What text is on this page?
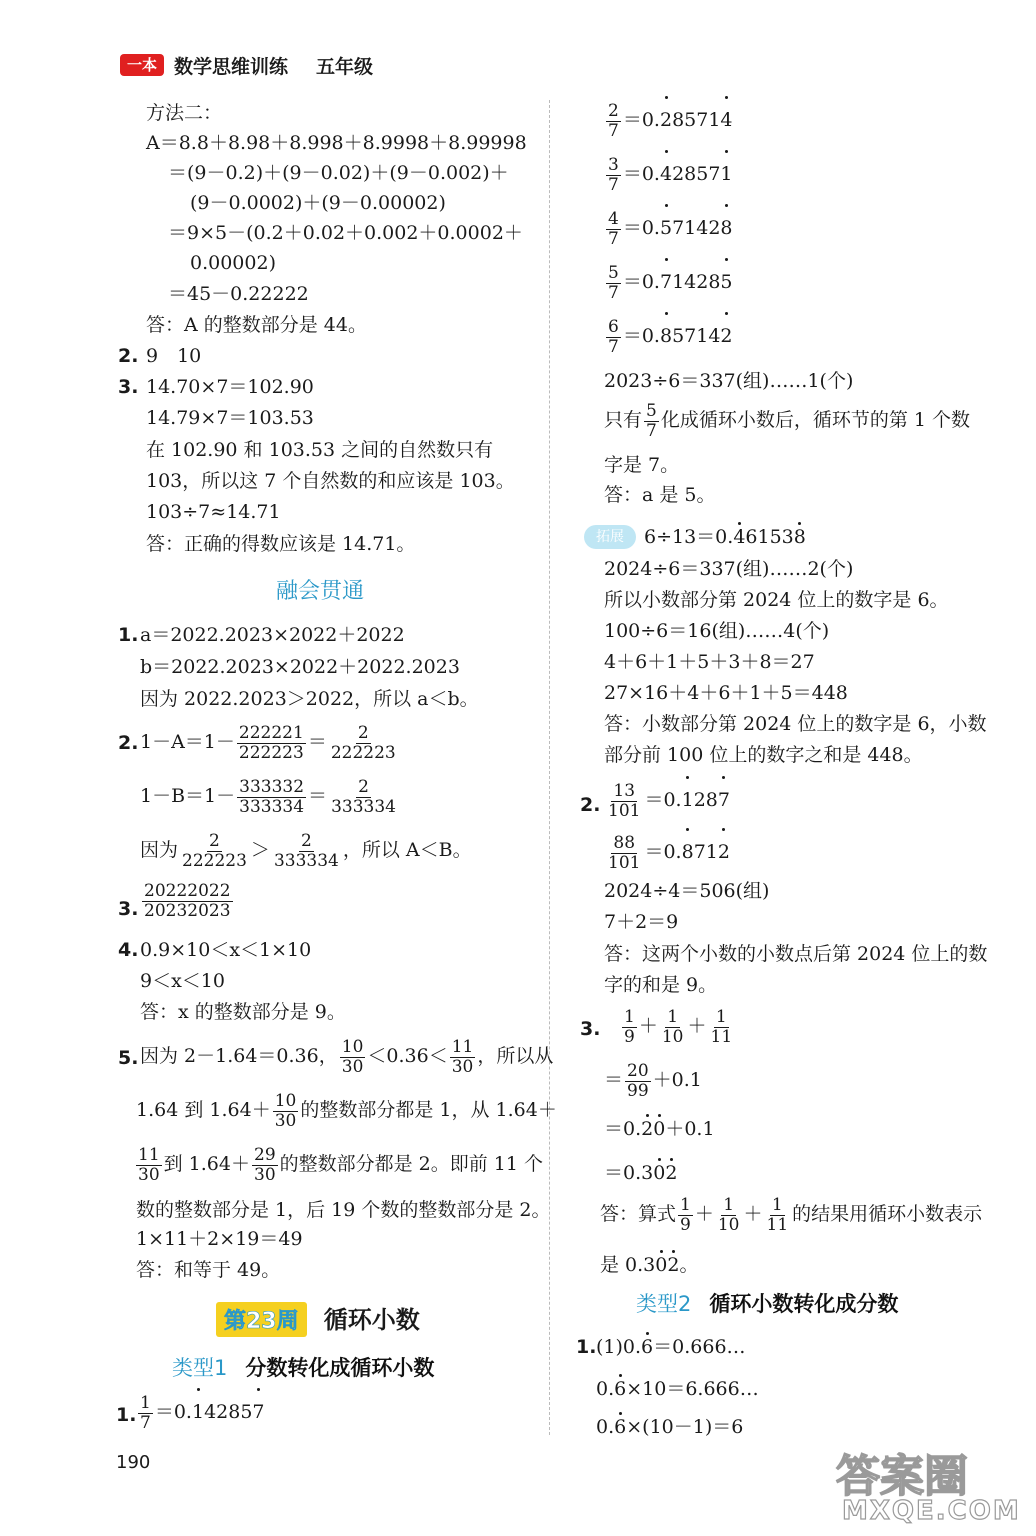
一本 数学思维训练 五年级
方法二：
A＝8.8＋8.98＋8.998＋8.9998＋8.99998
＝(9－0.2)＋(9－0.02)＋(9－0.002)＋
(9－0.0002)＋(9－0.00002)
＝9×5－(0.2＋0.02＋0.002＋0.0002＋
0.00002)
＝45－0.22222
答：A 的整数部分是 44。
2. 9　10
3. 14.70×7＝102.90
14.79×7＝103.53
在 102.90 和 103.53 之间的自然数只有
103，所以这 7 个自然数的和应该是 103。
103÷7≈14.71
答：正确的得数应该是 14.71。
融会贯通
1. a＝2022.2023×2022＋2022
b＝2022.2023×2022＋2022.2023
因为 2022.2023＞2022，所以 a＜b。
2. $1-A=1- \frac{222221}{222223} = \frac{2}{222223}$
$1-B=1- \frac{333332}{333334} = \frac{2}{333334}$
因为 $\frac{2}{222223} > \frac{2}{333334}$ ，所以 A＜B。
3. $\frac{20222022}{20232023}$
4. 0.9×10＜x＜1×10
9＜x＜10
答：x 的整数部分是 9。
5. 因为 2－1.64＝0.36， $\frac{10}{30} <0.36< \frac{11}{30}$ ，所以从
1.64 到 $1.64+ \frac{10}{30}$ 的整数部分都是 1，从 1.64＋
$\frac{11}{30}$ 到 $1.64+ \frac{29}{30}$ 的整数部分都是 2。即前 11 个
数的整数部分是 1，后 19 个数的整数部分是 2。
1×11＋2×19＝49
答：和等于 49。
第23周 循环小数
类型1 分数转化成循环小数
1. $\frac{1}{7} =0.142857$
190
$\frac{2}{7} =0.285714$
$\frac{3}{7} =0.428571$
$\frac{4}{7} =0.571428$
$\frac{5}{7} =0.714285$
$\frac{6}{7} =0.857142$
2023÷6＝337(组)……1(个)
只有 $\frac{5}{7}$ 化成循环小数后，循环节的第 1 个数
字是 7。
答：a 是 5。
拓展	6÷13＝0.461538
2024÷6＝337(组)……2(个)
所以小数部分第 2024 位上的数字是 6。
100÷6＝16(组)……4(个)
4＋6＋1＋5＋3＋8＝27
27×16＋4＋6＋1＋5＝448
答：小数部分第 2024 位上的数字是 6，小数
部分前 100 位上的数字之和是 448。
2. $\frac{13}{101} =0.1287$
$\frac{88}{101} =0.8712$
2024÷4＝506(组)
7＋2＝9
答：这两个小数的小数点后第 2024 位上的数
字的和是 9。
3. $\frac{1}{9} + \frac{1}{10} + \frac{1}{11}$
＝ $\frac{20}{99} +0.1$
＝0.20＋0.1
＝0.302
答：算式 $\frac{1}{9} + \frac{1}{10} + \frac{1}{11}$ 的结果用循环小数表示
是 0.302。
类型2 循环小数转化成分数
1. (1)0.6＝0.666…
0.6×10＝6.666…
0.6×(10－1)＝6
答案圈
MXQE.COM
